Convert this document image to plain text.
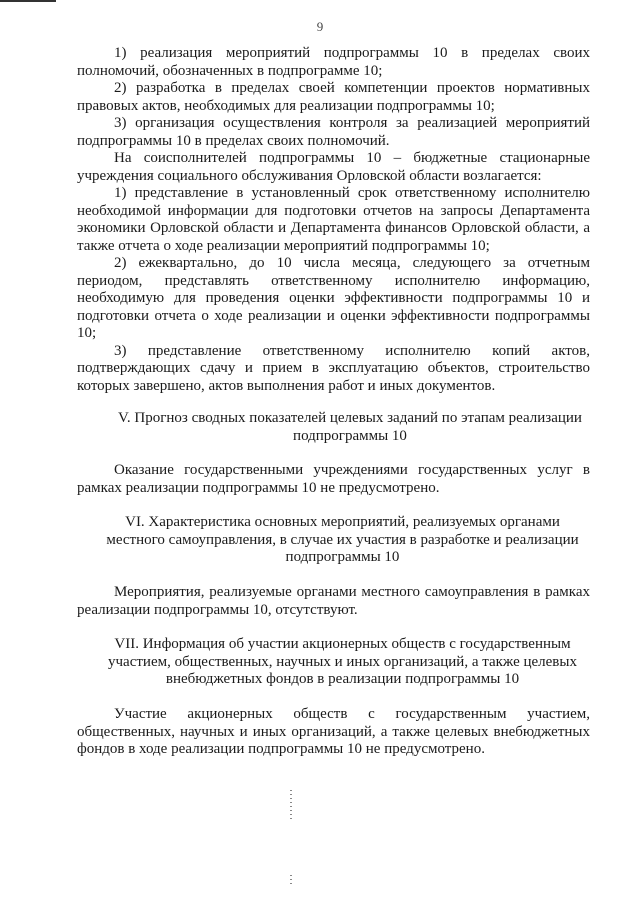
9

1) реализация мероприятий подпрограммы 10 в пределах своих полномочий, обозначенных в подпрограмме 10;

2) разработка в пределах своей компетенции проектов нормативных правовых актов, необходимых для реализации подпрограммы 10;

3) организация осуществления контроля за реализацией мероприятий подпрограммы 10 в пределах своих полномочий.

На соисполнителей подпрограммы 10 – бюджетные стационарные учреждения социального обслуживания Орловской области возлагается:

1) представление в установленный срок ответственному исполнителю необходимой информации для подготовки отчетов на запросы Департамента экономики Орловской области и Департамента финансов Орловской области, а также отчета о ходе реализации мероприятий подпрограммы 10;

2) ежеквартально, до 10 числа месяца, следующего за отчетным периодом, представлять ответственному исполнителю информацию, необходимую для проведения оценки эффективности подпрограммы 10 и подготовки отчета о ходе реализации и оценки эффективности подпрограммы 10;

3) представление ответственному исполнителю копий актов, подтверждающих сдачу и прием в эксплуатацию объектов, строительство которых завершено, актов выполнения работ и иных документов.

V. Прогноз сводных показателей целевых заданий по этапам реализации подпрограммы 10

Оказание государственными учреждениями государственных услуг в рамках реализации подпрограммы 10 не предусмотрено.

VI. Характеристика основных мероприятий, реализуемых органами местного самоуправления, в случае их участия в разработке и реализации подпрограммы 10

Мероприятия, реализуемые органами местного самоуправления в рамках реализации подпрограммы 10, отсутствуют.

VII. Информация об участии акционерных обществ с государственным участием, общественных, научных и иных организаций, а также целевых внебюджетных фондов в реализации подпрограммы 10

Участие акционерных обществ с государственным участием, общественных, научных и иных организаций, а также целевых внебюджетных фондов в ходе реализации подпрограммы 10 не предусмотрено.
